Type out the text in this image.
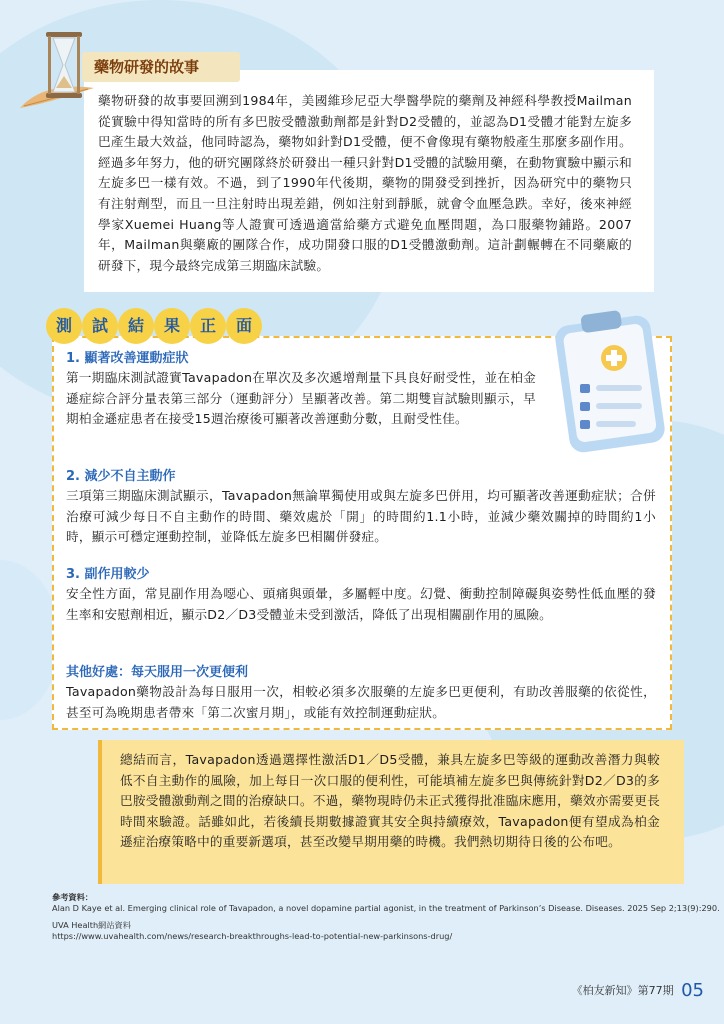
藥物研發的故事要回溯到1984年，美國維珍尼亞大學醫學院的藥劑及神經科學教授Mailman從實驗中得知當時的所有多巴胺受體激動劑都是針對D2受體的，並認為D1受體才能對左旋多巴產生最大效益，他同時認為，藥物如針對D1受體，便不會像現有藥物般產生那麼多副作用。經過多年努力，他的研究團隊終於研發出一種只針對D1受體的試驗用藥，在動物實驗中顯示和左旋多巴一樣有效。不過，到了1990年代後期，藥物的開發受到挫折，因為研究中的藥物只有注射劑型，而且一旦注射時出現差錯，例如注射到靜脈，就會令血壓急跌。幸好，後來神經學家Xuemei Huang等人證實可透過適當給藥方式避免血壓問題，為口服藥物鋪路。2007年，Mailman與藥廠的團隊合作，成功開發口服的D1受體激動劑。這計劃輾轉在不同藥廠的研發下，現今最終完成第三期臨床試驗。

藥物研發的故事
測	試	結	果	正	面
1. 顯著改善運動症狀

第一期臨床測試證實Tavapadon在單次及多次遞增劑量下具良好耐受性，並在柏金遜症綜合評分量表第三部分（運動評分）呈顯著改善。第二期雙盲試驗則顯示，早期柏金遜症患者在接受15週治療後可顯著改善運動分數，且耐受性佳。

2. 減少不自主動作

三項第三期臨床測試顯示，Tavapadon無論單獨使用或與左旋多巴併用，均可顯著改善運動症狀；合併治療可減少每日不自主動作的時間、藥效處於「開」的時間約1.1小時，並減少藥效關掉的時間約1小時，顯示可穩定運動控制，並降低左旋多巴相關併發症。

3. 副作用較少

安全性方面，常見副作用為噁心、頭痛與頭暈，多屬輕中度。幻覺、衝動控制障礙與姿勢性低血壓的發生率和安慰劑相近，顯示D2／D3受體並未受到激活，降低了出現相關副作用的風險。

其他好處：每天服用一次更便利

Tavapadon藥物設計為每日服用一次，相較必須多次服藥的左旋多巴更便利，有助改善服藥的依從性，甚至可為晚期患者帶來「第二次蜜月期」，或能有效控制運動症狀。

總結而言，Tavapadon透過選擇性激活D1／D5受體，兼具左旋多巴等級的運動改善潛力與較低不自主動作的風險，加上每日一次口服的便利性，可能填補左旋多巴與傳統針對D2／D3的多巴胺受體激動劑之間的治療缺口。不過，藥物現時仍未正式獲得批准臨床應用，藥效亦需要更長時間來驗證。話雖如此，若後續長期數據證實其安全與持續療效，Tavapadon便有望成為柏金遜症治療策略中的重要新選項，甚至改變早期用藥的時機。我們熱切期待日後的公布吧。

參考資料：
Alan D Kaye et al. Emerging clinical role of Tavapadon, a novel dopamine partial agonist, in the treatment of Parkinson’s Disease. Diseases. 2025 Sep 2;13(9):290.
UVA Health網站資料
https://www.uvahealth.com/news/research-breakthroughs-lead-to-potential-new-parkinsons-drug/
《柏友新知》第77期 05
